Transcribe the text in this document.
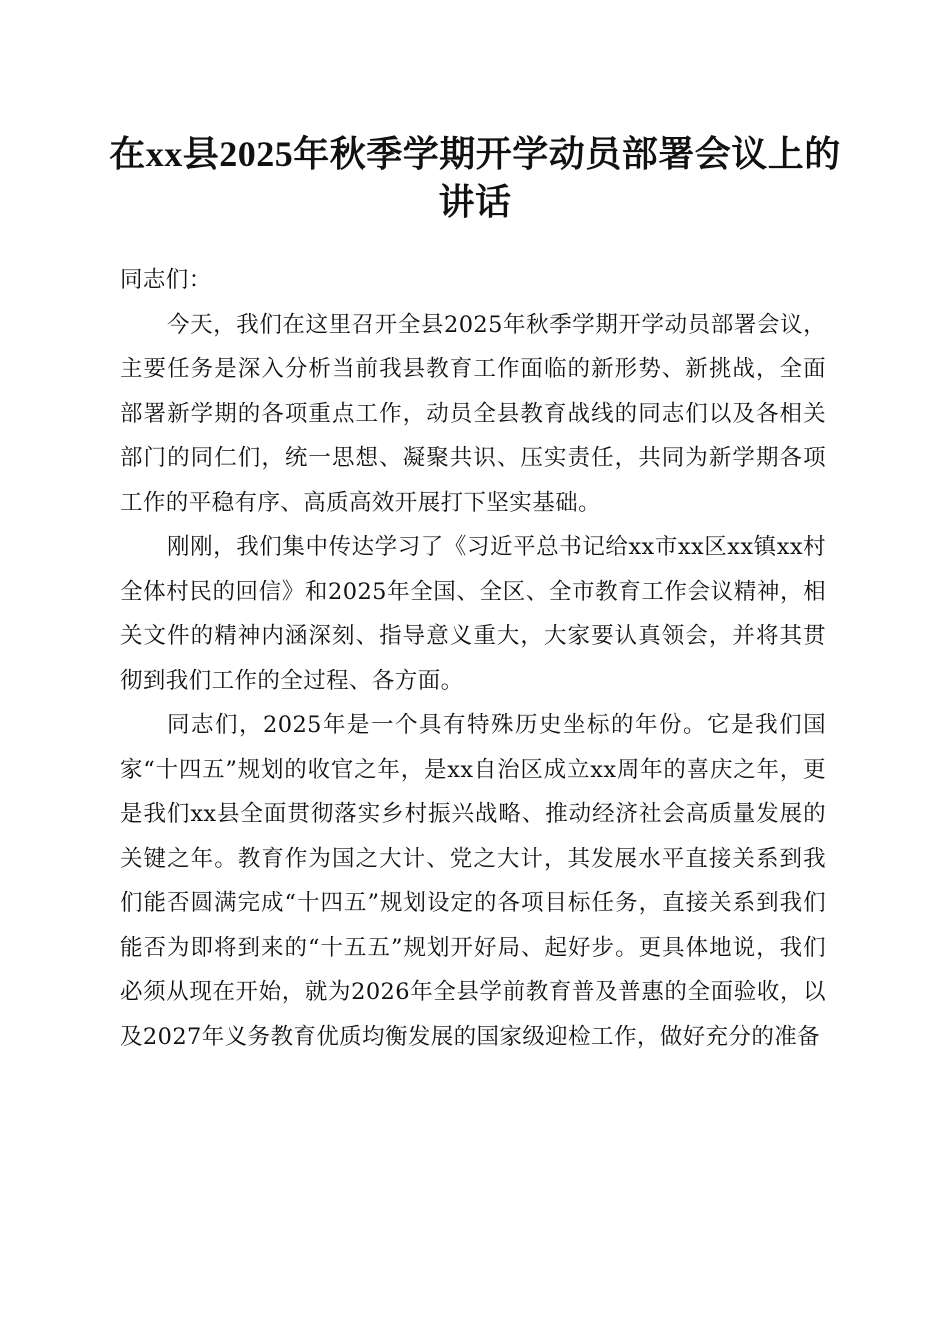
在xx县2025年秋季学期开学动员部署会议上的讲话

同志们：

今天，我们在这里召开全县2025年秋季学期开学动员部署会议，主要任务是深入分析当前我县教育工作面临的新形势、新挑战，全面部署新学期的各项重点工作，动员全县教育战线的同志们以及各相关部门的同仁们，统一思想、凝聚共识、压实责任，共同为新学期各项工作的平稳有序、高质高效开展打下坚实基础。

刚刚，我们集中传达学习了《习近平总书记给xx市xx区xx镇xx村全体村民的回信》和2025年全国、全区、全市教育工作会议精神，相关文件的精神内涵深刻、指导意义重大，大家要认真领会，并将其贯彻到我们工作的全过程、各方面。

同志们，2025年是一个具有特殊历史坐标的年份。它是我们国家“十四五”规划的收官之年，是xx自治区成立xx周年的喜庆之年，更是我们xx县全面贯彻落实乡村振兴战略、推动经济社会高质量发展的关键之年。教育作为国之大计、党之大计，其发展水平直接关系到我们能否圆满完成“十四五”规划设定的各项目标任务，直接关系到我们能否为即将到来的“十五五”规划开好局、起好步。更具体地说，我们必须从现在开始，就为2026年全县学前教育普及普惠的全面验收，以及2027年义务教育优质均衡发展的国家级迎检工作，做好充分的准备
